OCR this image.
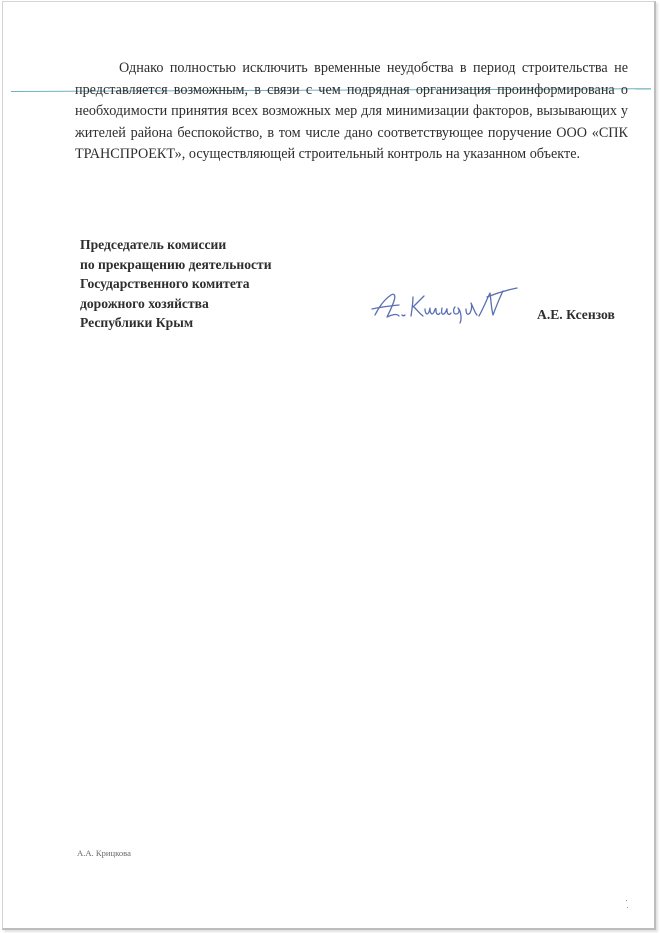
Однако полностью исключить временные неудобства в период строительства не представляется возможным, в связи с чем подрядная организация проинформирована о необходимости принятия всех возможных мер для минимизации факторов, вызывающих у жителей района беспокойство, в том числе дано соответствующее поручение ООО «СПК ТРАНСПРОЕКТ», осуществляющей строительный контроль на указанном объекте.

Председатель комиссии
по прекращению деятельности
Государственного комитета
дорожного хозяйства
Республики Крым
А.Е. Ксензов
А.А. Крицкова
